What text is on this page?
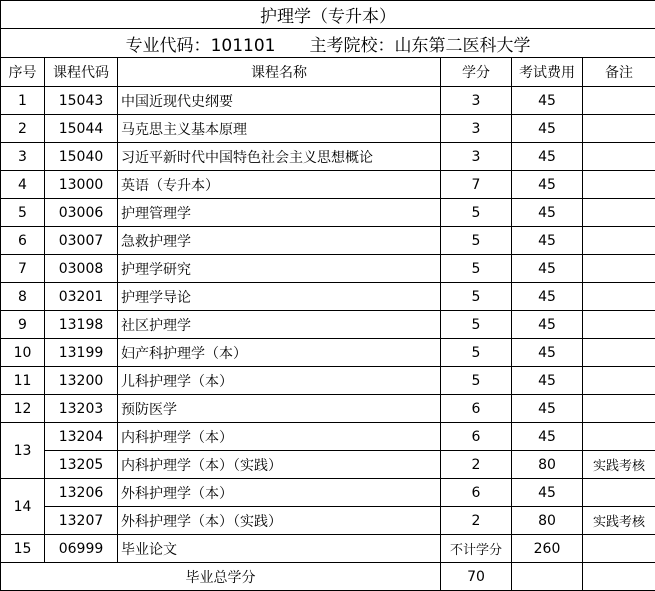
护理学（专升本）					
专业代码：101101 主考院校：山东第二医科大学					
序号	课程代码	课程名称	学分	考试费用	备注
1	15043	中国近现代史纲要	3	45	
2	15044	马克思主义基本原理	3	45	
3	15040	习近平新时代中国特色社会主义思想概论	3	45	
4	13000	英语（专升本）	7	45	
5	03006	护理管理学	5	45	
6	03007	急救护理学	5	45	
7	03008	护理学研究	5	45	
8	03201	护理学导论	5	45	
9	13198	社区护理学	5	45	
10	13199	妇产科护理学（本）	5	45	
11	13200	儿科护理学（本）	5	45	
12	13203	预防医学	6	45	
13	13204	内科护理学（本）	6	45	
	13205	内科护理学（本）（实践）	2	80	实践考核
14	13206	外科护理学（本）	6	45	
	13207	外科护理学（本）（实践）	2	80	实践考核
15	06999	毕业论文	不计学分	260	
毕业总学分			70		
